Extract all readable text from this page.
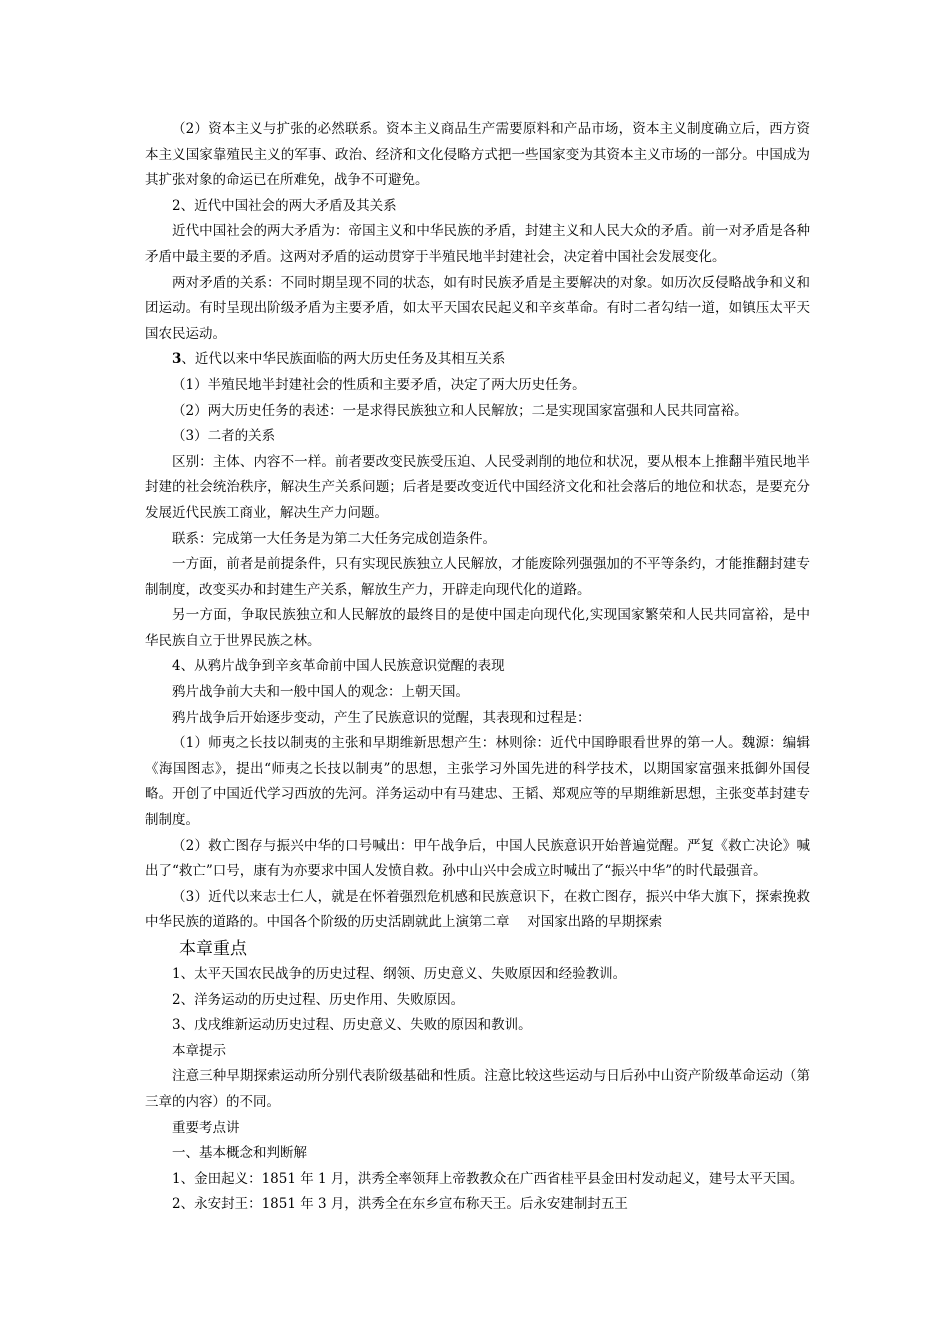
（2）资本主义与扩张的必然联系。资本主义商品生产需要原料和产品市场，资本主义制度确立后，西方资本主义国家靠殖民主义的军事、政治、经济和文化侵略方式把一些国家变为其资本主义市场的一部分。中国成为其扩张对象的命运已在所难免，战争不可避免。

2、近代中国社会的两大矛盾及其关系

近代中国社会的两大矛盾为：帝国主义和中华民族的矛盾，封建主义和人民大众的矛盾。前一对矛盾是各种矛盾中最主要的矛盾。这两对矛盾的运动贯穿于半殖民地半封建社会，决定着中国社会发展变化。

两对矛盾的关系：不同时期呈现不同的状态，如有时民族矛盾是主要解决的对象。如历次反侵略战争和义和团运动。有时呈现出阶级矛盾为主要矛盾，如太平天国农民起义和辛亥革命。有时二者勾结一道，如镇压太平天国农民运动。

3、近代以来中华民族面临的两大历史任务及其相互关系

（1）半殖民地半封建社会的性质和主要矛盾，决定了两大历史任务。

（2）两大历史任务的表述：一是求得民族独立和人民解放；二是实现国家富强和人民共同富裕。

（3）二者的关系

区别：主体、内容不一样。前者要改变民族受压迫、人民受剥削的地位和状况，要从根本上推翻半殖民地半封建的社会统治秩序，解决生产关系问题；后者是要改变近代中国经济文化和社会落后的地位和状态，是要充分发展近代民族工商业，解决生产力问题。

联系：完成第一大任务是为第二大任务完成创造条件。

一方面，前者是前提条件，只有实现民族独立人民解放，才能废除列强强加的不平等条约，才能推翻封建专制制度，改变买办和封建生产关系，解放生产力，开辟走向现代化的道路。

另一方面，争取民族独立和人民解放的最终目的是使中国走向现代化,实现国家繁荣和人民共同富裕，是中华民族自立于世界民族之林。

4、从鸦片战争到辛亥革命前中国人民族意识觉醒的表现

鸦片战争前大夫和一般中国人的观念：上朝天国。

鸦片战争后开始逐步变动，产生了民族意识的觉醒，其表现和过程是：

（1）师夷之长技以制夷的主张和早期维新思想产生：林则徐：近代中国睁眼看世界的第一人。魏源：编辑《海国图志》，提出“师夷之长技以制夷”的思想，主张学习外国先进的科学技术，以期国家富强来抵御外国侵略。开创了中国近代学习西放的先河。洋务运动中有马建忠、王韬、郑观应等的早期维新思想，主张变革封建专制制度。

（2）救亡图存与振兴中华的口号喊出：甲午战争后，中国人民族意识开始普遍觉醒。严复《救亡决论》喊出了“救亡”口号，康有为亦要求中国人发愤自救。孙中山兴中会成立时喊出了“振兴中华”的时代最强音。

（3）近代以来志士仁人，就是在怀着强烈危机感和民族意识下，在救亡图存，振兴中华大旗下，探索挽救中华民族的道路的。中国各个阶级的历史活剧就此上演第二章　 对国家出路的早期探索

本章重点

1、太平天国农民战争的历史过程、纲领、历史意义、失败原因和经验教训。

2、洋务运动的历史过程、历史作用、失败原因。

3、戊戌维新运动历史过程、历史意义、失败的原因和教训。

本章提示

注意三种早期探索运动所分别代表阶级基础和性质。注意比较这些运动与日后孙中山资产阶级革命运动（第三章的内容）的不同。

重要考点讲

一、基本概念和判断解

1、金田起义：1851 年 1 月，洪秀全率领拜上帝教教众在广西省桂平县金田村发动起义，建号太平天国。

2、永安封王：1851 年 3 月，洪秀全在东乡宣布称天王。后永安建制封五王
